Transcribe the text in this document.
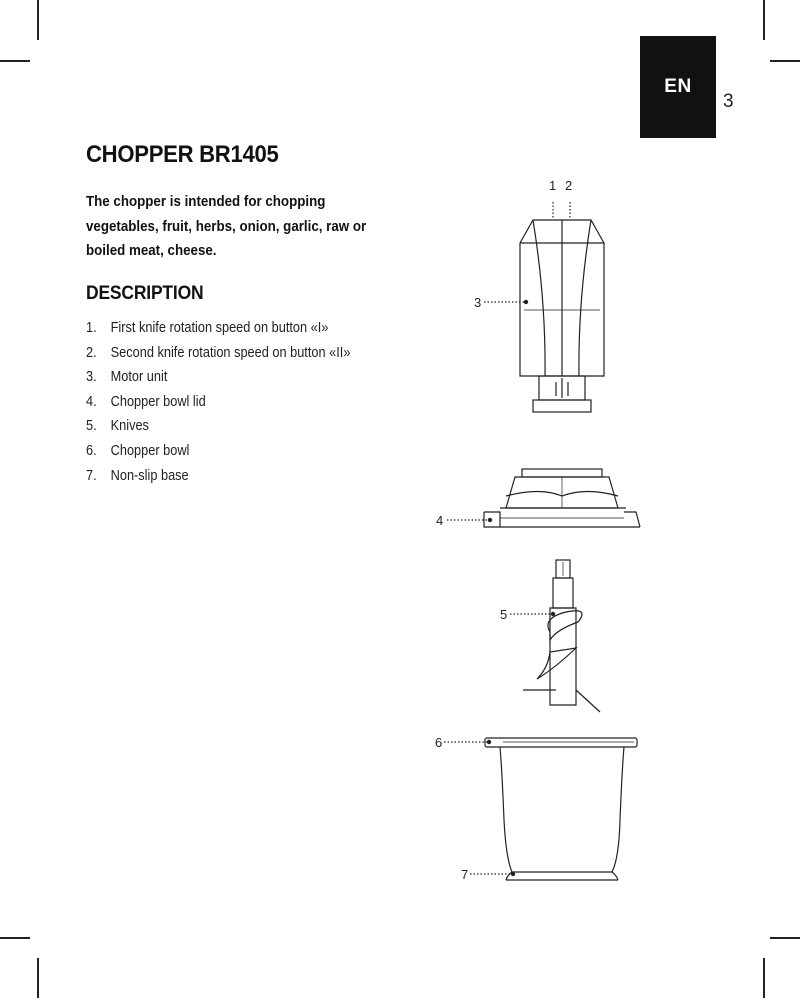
EN
3
CHOPPER BR1405

The chopper is intended for chopping vegetables, fruit, herbs, onion, garlic, raw or boiled meat, cheese.

DESCRIPTION
1. First knife rotation speed on button «I»
2. Second knife rotation speed on button «II»
3. Motor unit
4. Chopper bowl lid
5. Knives
6. Chopper bowl
7. Non-slip base
1 2
3
4
5
6
7
